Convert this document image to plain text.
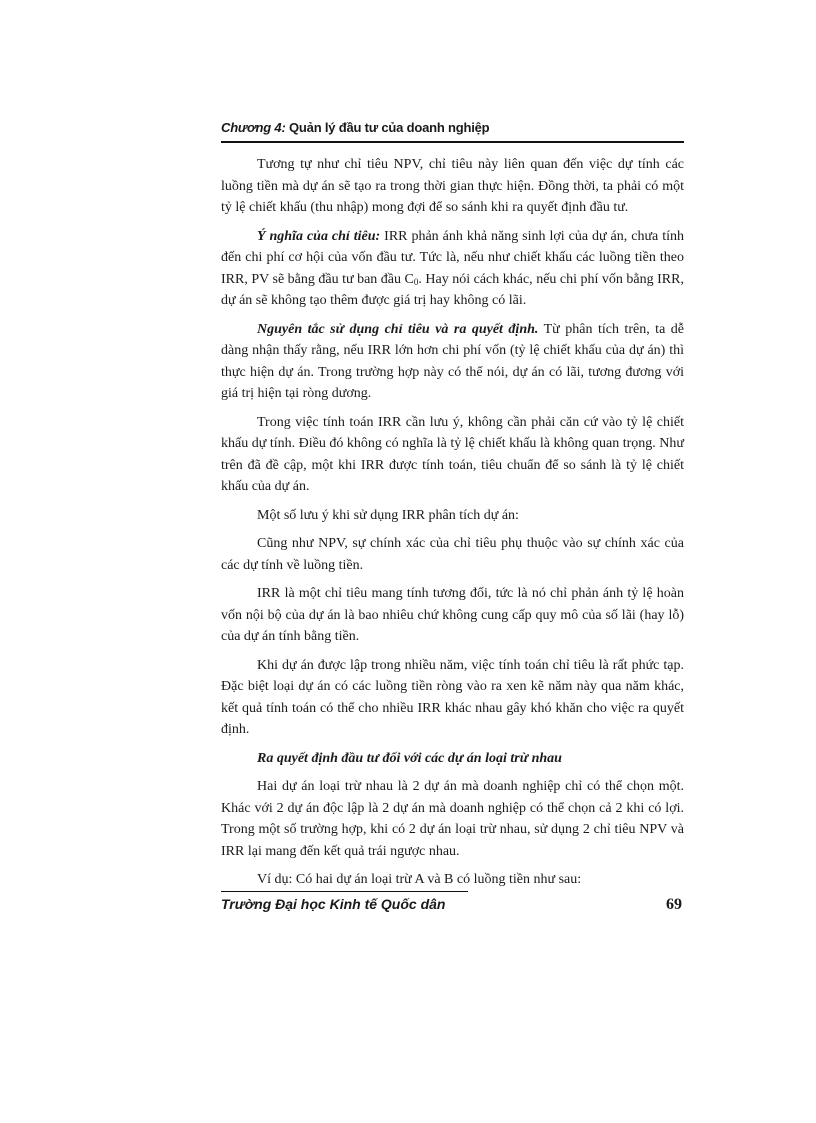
Chương 4: Quản lý đầu tư của doanh nghiệp

Tương tự như chỉ tiêu NPV, chỉ tiêu này liên quan đến việc dự tính các luồng tiền mà dự án sẽ tạo ra trong thời gian thực hiện. Đồng thời, ta phải có một tỷ lệ chiết khấu (thu nhập) mong đợi để so sánh khi ra quyết định đầu tư.

Ý nghĩa của chỉ tiêu: IRR phản ánh khả năng sinh lợi của dự án, chưa tính đến chi phí cơ hội của vốn đầu tư. Tức là, nếu như chiết khấu các luồng tiền theo IRR, PV sẽ bằng đầu tư ban đầu $C_0$. Hay nói cách khác, nếu chi phí vốn bằng IRR, dự án sẽ không tạo thêm được giá trị hay không có lãi.

Nguyên tắc sử dụng chỉ tiêu và ra quyết định. Từ phân tích trên, ta dễ dàng nhận thấy rằng, nếu IRR lớn hơn chi phí vốn (tỷ lệ chiết khấu của dự án) thì thực hiện dự án. Trong trường hợp này có thể nói, dự án có lãi, tương đương với giá trị hiện tại ròng dương.

Trong việc tính toán IRR cần lưu ý, không cần phải căn cứ vào tỷ lệ chiết khấu dự tính. Điều đó không có nghĩa là tỷ lệ chiết khấu là không quan trọng. Như trên đã đề cập, một khi IRR được tính toán, tiêu chuẩn để so sánh là tỷ lệ chiết khấu của dự án.

Một số lưu ý khi sử dụng IRR phân tích dự án:

Cũng như NPV, sự chính xác của chỉ tiêu phụ thuộc vào sự chính xác của các dự tính về luồng tiền.

IRR là một chỉ tiêu mang tính tương đối, tức là nó chỉ phản ánh tỷ lệ hoàn vốn nội bộ của dự án là bao nhiêu chứ không cung cấp quy mô của số lãi (hay lỗ) của dự án tính bằng tiền.

Khi dự án được lập trong nhiều năm, việc tính toán chỉ tiêu là rất phức tạp. Đặc biệt loại dự án có các luồng tiền ròng vào ra xen kẽ năm này qua năm khác, kết quả tính toán có thể cho nhiều IRR khác nhau gây khó khăn cho việc ra quyết định.

Ra quyết định đầu tư đối với các dự án loại trừ nhau

Hai dự án loại trừ nhau là 2 dự án mà doanh nghiệp chỉ có thể chọn một. Khác với 2 dự án độc lập là 2 dự án mà doanh nghiệp có thể chọn cả 2 khi có lợi. Trong một số trường hợp, khi có 2 dự án loại trừ nhau, sử dụng 2 chỉ tiêu NPV và IRR lại mang đến kết quả trái ngược nhau.

Ví dụ: Có hai dự án loại trừ A và B có luồng tiền như sau:

Trường Đại học Kinh tế Quốc dân	69
